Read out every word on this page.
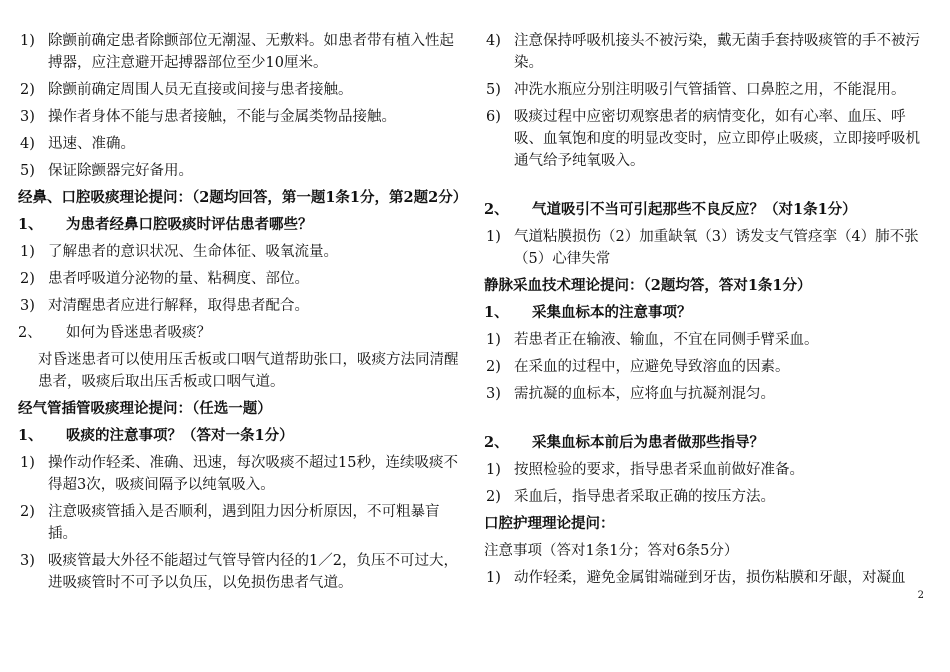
1) 除颤前确定患者除颤部位无潮湿、无敷料。如患者带有植入性起搏器，应注意避开起搏器部位至少10厘米。
2) 除颤前确定周围人员无直接或间接与患者接触。
3) 操作者身体不能与患者接触，不能与金属类物品接触。
4) 迅速、准确。
5) 保证除颤器完好备用。
经鼻、口腔吸痰理论提问：（2题均回答，第一题1条1分，第2题2分）
1、	为患者经鼻口腔吸痰时评估患者哪些？
1) 了解患者的意识状况、生命体征、吸氧流量。
2) 患者呼吸道分泌物的量、粘稠度、部位。
3) 对清醒患者应进行解释，取得患者配合。
2、	如何为昏迷患者吸痰？
对昏迷患者可以使用压舌板或口咽气道帮助张口，吸痰方法同清醒患者，吸痰后取出压舌板或口咽气道。
经气管插管吸痰理论提问：（任选一题）
1、	吸痰的注意事项？（答对一条1分）
1) 操作动作轻柔、准确、迅速，每次吸痰不超过15秒，连续吸痰不得超3次，吸痰间隔予以纯氧吸入。
2) 注意吸痰管插入是否顺利，遇到阻力因分析原因，不可粗暴盲插。
3) 吸痰管最大外径不能超过气管导管内径的1／2，负压不可过大，进吸痰管时不可予以负压，以免损伤患者气道。
4) 注意保持呼吸机接头不被污染，戴无菌手套持吸痰管的手不被污染。
5) 冲洗水瓶应分别注明吸引气管插管、口鼻腔之用，不能混用。
6) 吸痰过程中应密切观察患者的病情变化，如有心率、血压、呼吸、血氧饱和度的明显改变时，应立即停止吸痰，立即接呼吸机通气给予纯氧吸入。
2、	气道吸引不当可引起那些不良反应？（对1条1分）
1) 气道粘膜损伤（2）加重缺氧（3）诱发支气管痉挛（4）肺不张（5）心律失常
静脉采血技术理论提问：（2题均答，答对1条1分）
1、	采集血标本的注意事项？
1) 若患者正在输液、输血，不宜在同侧手臂采血。
2) 在采血的过程中，应避免导致溶血的因素。
3) 需抗凝的血标本，应将血与抗凝剂混匀。
2、	采集血标本前后为患者做那些指导？
1) 按照检验的要求，指导患者采血前做好准备。
2) 采血后，指导患者采取正确的按压方法。
口腔护理理论提问：
注意事项（答对1条1分；答对6条5分）
1) 动作轻柔，避免金属钳端碰到牙齿，损伤粘膜和牙龈，对凝血
2
